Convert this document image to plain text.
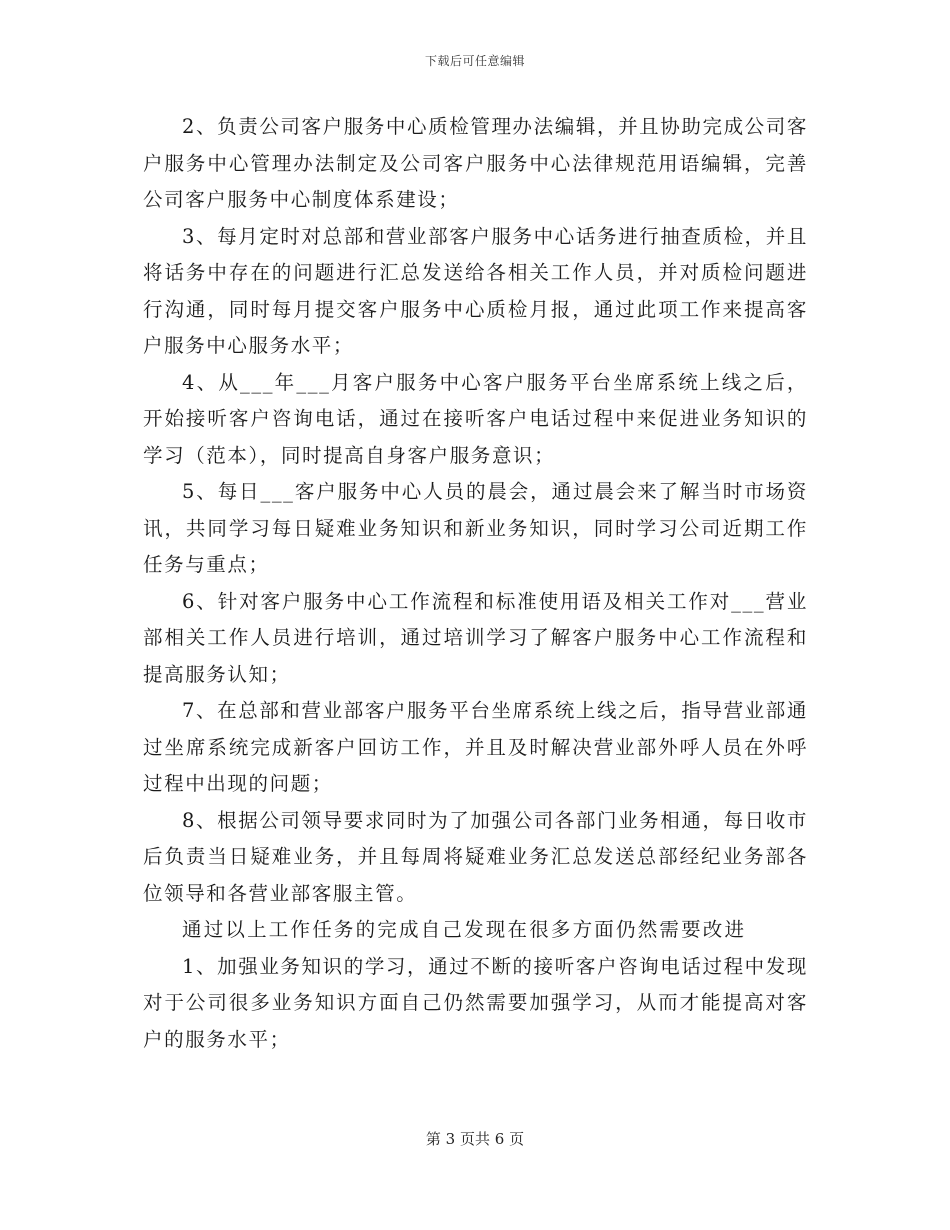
下载后可任意编辑

2、负责公司客户服务中心质检管理办法编辑，并且协助完成公司客户服务中心管理办法制定及公司客户服务中心法律规范用语编辑，完善公司客户服务中心制度体系建设；

3、每月定时对总部和营业部客户服务中心话务进行抽查质检，并且将话务中存在的问题进行汇总发送给各相关工作人员，并对质检问题进行沟通，同时每月提交客户服务中心质检月报，通过此项工作来提高客户服务中心服务水平；

4、从___年___月客户服务中心客户服务平台坐席系统上线之后，开始接听客户咨询电话，通过在接听客户电话过程中来促进业务知识的学习（范本），同时提高自身客户服务意识；

5、每日___客户服务中心人员的晨会，通过晨会来了解当时市场资讯，共同学习每日疑难业务知识和新业务知识，同时学习公司近期工作任务与重点；

6、针对客户服务中心工作流程和标准使用语及相关工作对___营业部相关工作人员进行培训，通过培训学习了解客户服务中心工作流程和提高服务认知；

7、在总部和营业部客户服务平台坐席系统上线之后，指导营业部通过坐席系统完成新客户回访工作，并且及时解决营业部外呼人员在外呼过程中出现的问题；

8、根据公司领导要求同时为了加强公司各部门业务相通，每日收市后负责当日疑难业务，并且每周将疑难业务汇总发送总部经纪业务部各位领导和各营业部客服主管。

通过以上工作任务的完成自己发现在很多方面仍然需要改进

1、加强业务知识的学习，通过不断的接听客户咨询电话过程中发现对于公司很多业务知识方面自己仍然需要加强学习，从而才能提高对客户的服务水平；

第 3 页共 6 页
